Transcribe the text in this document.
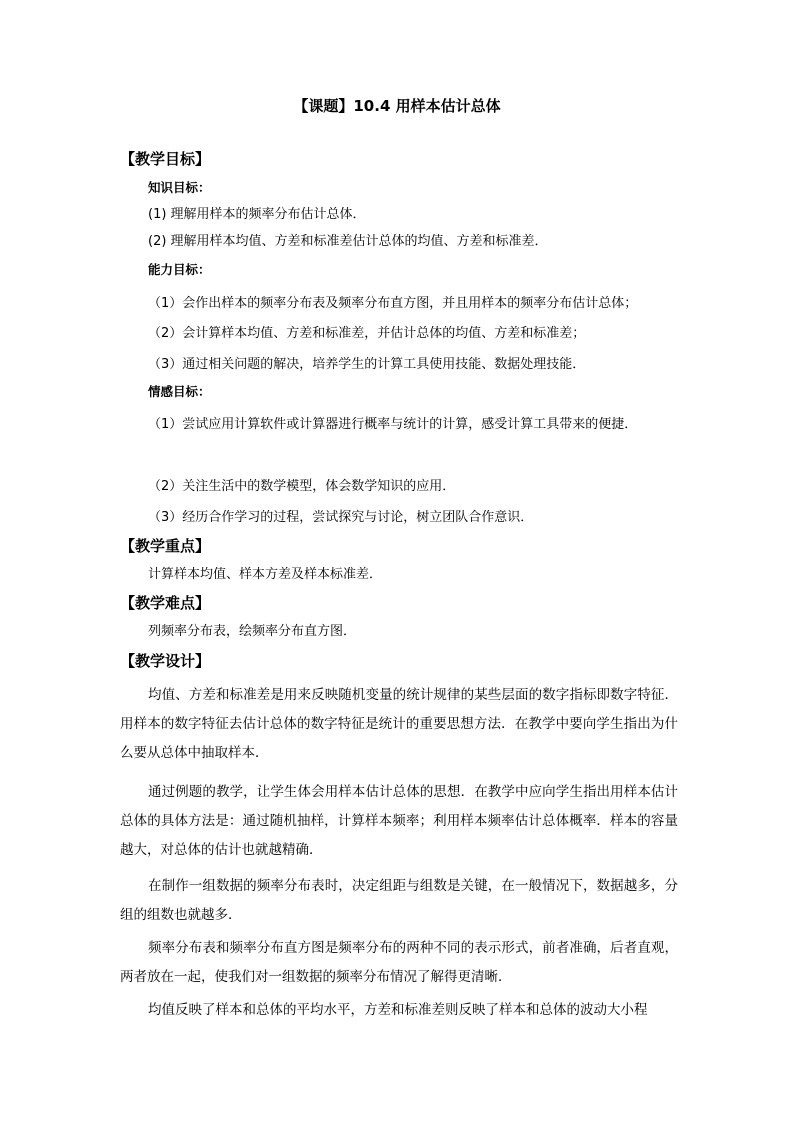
【课题】10.4 用样本估计总体
【教学目标】
知识目标：
(1) 理解用样本的频率分布估计总体．
(2) 理解用样本均值、方差和标准差估计总体的均值、方差和标准差．
能力目标：
（1）会作出样本的频率分布表及频率分布直方图，并且用样本的频率分布估计总体；
（2）会计算样本均值、方差和标准差，并估计总体的均值、方差和标准差；
（3）通过相关问题的解决，培养学生的计算工具使用技能、数据处理技能．
情感目标：
（1）尝试应用计算软件或计算器进行概率与统计的计算，感受计算工具带来的便捷．
（2）关注生活中的数学模型，体会数学知识的应用．
（3）经历合作学习的过程，尝试探究与讨论，树立团队合作意识．
【教学重点】
计算样本均值、样本方差及样本标准差．
【教学难点】
列频率分布表，绘频率分布直方图．
【教学设计】
均值、方差和标准差是用来反映随机变量的统计规律的某些层面的数字指标即数字特征．用样本的数字特征去估计总体的数字特征是统计的重要思想方法．在教学中要向学生指出为什么要从总体中抽取样本．
通过例题的教学，让学生体会用样本估计总体的思想．在教学中应向学生指出用样本估计总体的具体方法是：通过随机抽样，计算样本频率；利用样本频率估计总体概率．样本的容量越大，对总体的估计也就越精确．
在制作一组数据的频率分布表时，决定组距与组数是关键，在一般情况下，数据越多，分组的组数也就越多．
频率分布表和频率分布直方图是频率分布的两种不同的表示形式，前者准确，后者直观，两者放在一起，使我们对一组数据的频率分布情况了解得更清晰．
均值反映了样本和总体的平均水平，方差和标准差则反映了样本和总体的波动大小程
